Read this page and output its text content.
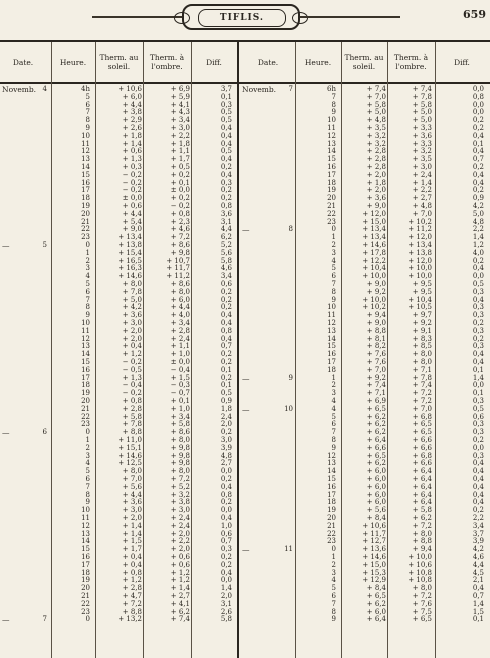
TIFLIS.	659
Date.	Heure.	Therm. au soleil.
Therm. à l'ombre.	Diff.	Date.	Heure.	Therm. au soleil.
Therm. à l'ombre.	Diff.
Novemb. 4	4h	+ 10,6	+ 6,9	3,7
5	+ 6,0	+ 5,9	0,1
6	+ 4,4	+ 4,1	0,3
7	+ 3,8	+ 4,3	0,5
8	+ 2,9	+ 3,4	0,5
9	+ 2,6	+ 3,0	0,4
10	+ 1,8	+ 2,2	0,4
11	+ 1,4	+ 1,8	0,4
12	+ 0,6	+ 1,1	0,5
13	+ 1,3	+ 1,7	0,4
14	+ 0,3	+ 0,5	0,2
15	− 0,2	+ 0,2	0,4
16	− 0,2	+ 0,1	0,3
17	− 0,2	± 0,0	0,2
18	± 0,0	+ 0,2	0,2
19	+ 0,6	− 0,2	0,8
20	+ 4,4	+ 0,8	3,6
21	+ 5,4	+ 2,3	3,1
22	+ 9,0	+ 4,6	4,4
23	+ 13,4	+ 7,2	6,2
—	5	0	+ 13,8	+ 8,6	5,2
1	+ 15,4	+ 9,8	5,6
2	+ 16,5	+ 10,7	5,8
3	+ 16,3	+ 11,7	4,6
4	+ 14,6	+ 11,2	3,4
5	+ 8,0	+ 8,6	0,6
6	+ 7,8	+ 8,0	0,2
7	+ 5,0	+ 6,0	0,2
8	+ 4,2	+ 4,4	0,2
9	+ 3,6	+ 4,0	0,4
10	+ 3,0	+ 3,4	0,4
11	+ 2,0	+ 2,8	0,8
12	+ 2,0	+ 2,4	0,4
13	+ 0,4	+ 1,1	0,7
14	+ 1,2	+ 1,0	0,2
15	− 0,2	± 0,0	0,2
16	− 0,5	− 0,4	0,1
17	+ 1,3	+ 1,5	0,2
18	− 0,4	− 0,3	0,1
19	− 0,2	− 0,7	0,5
20	+ 0,8	+ 0,1	0,9
21	+ 2,8	+ 1,0	1,8
22	+ 5,8	+ 3,4	2,4
23	+ 7,8	+ 5,8	2,0
—	6	0	+ 8,8	+ 8,6	0,2
1	+ 11,0	+ 8,0	3,0
2	+ 15,1	+ 9,8	3,9
3	+ 14,6	+ 9,8	4,8
4	+ 12,5	+ 9,8	2,7
5	+ 8,0	+ 8,0	0,0
6	+ 7,0	+ 7,2	0,2
7	+ 5,6	+ 5,2	0,4
8	+ 4,4	+ 3,2	0,8
9	+ 3,6	+ 3,8	0,2
10	+ 3,0	+ 3,0	0,0
11	+ 2,0	+ 2,4	0,4
12	+ 1,4	+ 2,4	1,0
13	+ 1,4	+ 2,0	0,6
14	+ 1,5	+ 2,2	0,7
15	+ 1,7	+ 2,0	0,3
16	+ 0,4	+ 0,6	0,2
17	+ 0,4	+ 0,6	0,2
18	+ 0,8	+ 1,2	0,4
19	+ 1,2	+ 1,2	0,0
20	+ 2,8	+ 1,4	1,4
21	+ 4,7	+ 2,7	2,0
22	+ 7,2	+ 4,1	3,1
23	+ 8,8	+ 6,2	2,6
—	7	0	+ 13,2	+ 7,4	5,8
Novemb.	7	6h	+ 7,4	+ 7,4	0,0
7	+ 7,0	+ 7,8	0,8
8	+ 5,8	+ 5,8	0,0
9	+ 5,0	+ 5,0	0,0
10	+ 4,8	+ 5,0	0,2
11	+ 3,5	+ 3,3	0,2
12	+ 3,2	+ 3,6	0,4
13	+ 3,2	+ 3,3	0,1
14	+ 2,8	+ 3,2	0,4
15	+ 2,8	+ 3,5	0,7
16	+ 2,8	+ 3,0	0,2
17	+ 2,0	+ 2,4	0,4
18	+ 1,8	+ 1,4	0,4
19	+ 2,0	+ 2,2	0,2
20	+ 3,6	+ 2,7	0,9
21	+ 9,0	+ 4,8	4,2
22	+ 12,0	+ 7,0	5,0
23	+ 15,0	+ 10,2	4,8
—	8	0	+ 13,4	+ 11,2	2,2
1	+ 13,4	+ 12,0	1,4
2	+ 14,6	+ 13,4	1,2
3	+ 17,8	+ 13,8	4,0
4	+ 12,2	+ 12,0	0,2
5	+ 10,4	+ 10,0	0,4
6	+ 10,0	+ 10,0	0,0
7	+ 9,0	+ 9,5	0,5
8	+ 9,2	+ 9,5	0,3
9	+ 10,0	+ 10,4	0,4
10	+ 10,2	+ 10,5	0,3
11	+ 9,4	+ 9,7	0,3
12	+ 9,0	+ 9,2	0,2
13	+ 8,8	+ 9,1	0,3
14	+ 8,1	+ 8,3	0,2
15	+ 8,2	+ 8,5	0,3
16	+ 7,6	+ 8,0	0,4
17	+ 7,6	+ 8,0	0,4
18	+ 7,0	+ 7,1	0,1
—	9	1	+ 9,2	+ 7,8	1,4
2	+ 7,4	+ 7,4	0,0
3	+ 7,1	+ 7,2	0,1
4	+ 6,9	+ 7,2	0,3
—	10	4	+ 6,5	+ 7,0	0,5
5	+ 6,2	+ 6,8	0,6
6	+ 6,2	+ 6,5	0,3
7	+ 6,2	+ 6,5	0,3
8	+ 6,4	+ 6,6	0,2
9	+ 6,6	+ 6,6	0,0
12	+ 6,5	+ 6,8	0,3
13	+ 6,2	+ 6,6	0,4
14	+ 6,0	+ 6,4	0,4
15	+ 6,0	+ 6,4	0,4
16	+ 6,0	+ 6,4	0,4
17	+ 6,0	+ 6,4	0,4
18	+ 6,0	+ 6,4	0,4
19	+ 5,6	+ 5,8	0,2
20	+ 8,4	+ 6,2	2,2
21	+ 10,6	+ 7,2	3,4
22	+ 11,7	+ 8,0	3,7
23	+ 12,7	+ 8,8	3,9
—	11	0	+ 13,6	+ 9,4	4,2
1	+ 14,6	+ 10,0	4,6
2	+ 15,0	+ 10,6	4,4
3	+ 15,3	+ 10,8	4,5
4	+ 12,9	+ 10,8	2,1
5	+ 8,4	+ 8,0	0,4
6	+ 6,5	+ 7,2	0,7
7	+ 6,2	+ 7,6	1,4
8	+ 6,0	+ 7,5	1,5
9	+ 6,4	+ 6,5	0,1
